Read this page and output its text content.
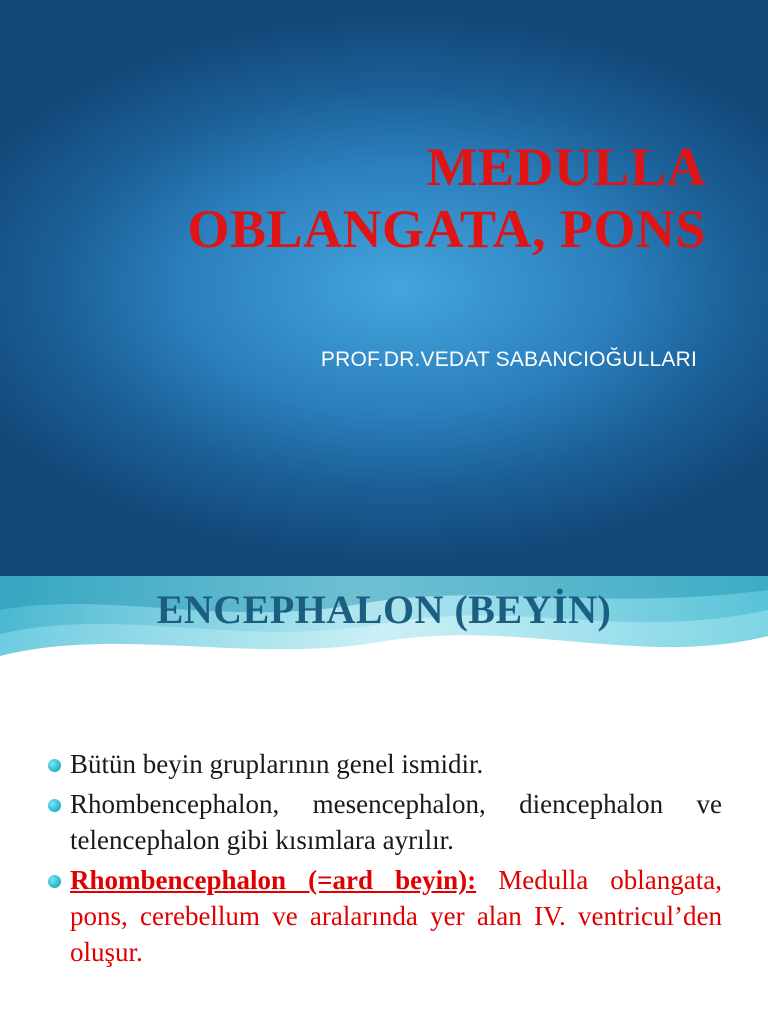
MEDULLA
OBLANGATA, PONS
PROF.DR.VEDAT SABANCIOĞULLARI
ENCEPHALON (BEYİN)
Bütün beyin gruplarının genel ismidir.
Rhombencephalon, mesencephalon, diencephalon ve telencephalon gibi kısımlara ayrılır.
Rhombencephalon (=ard beyin): Medulla oblangata, pons, cerebellum ve aralarında yer alan IV. ventricul’den oluşur.
